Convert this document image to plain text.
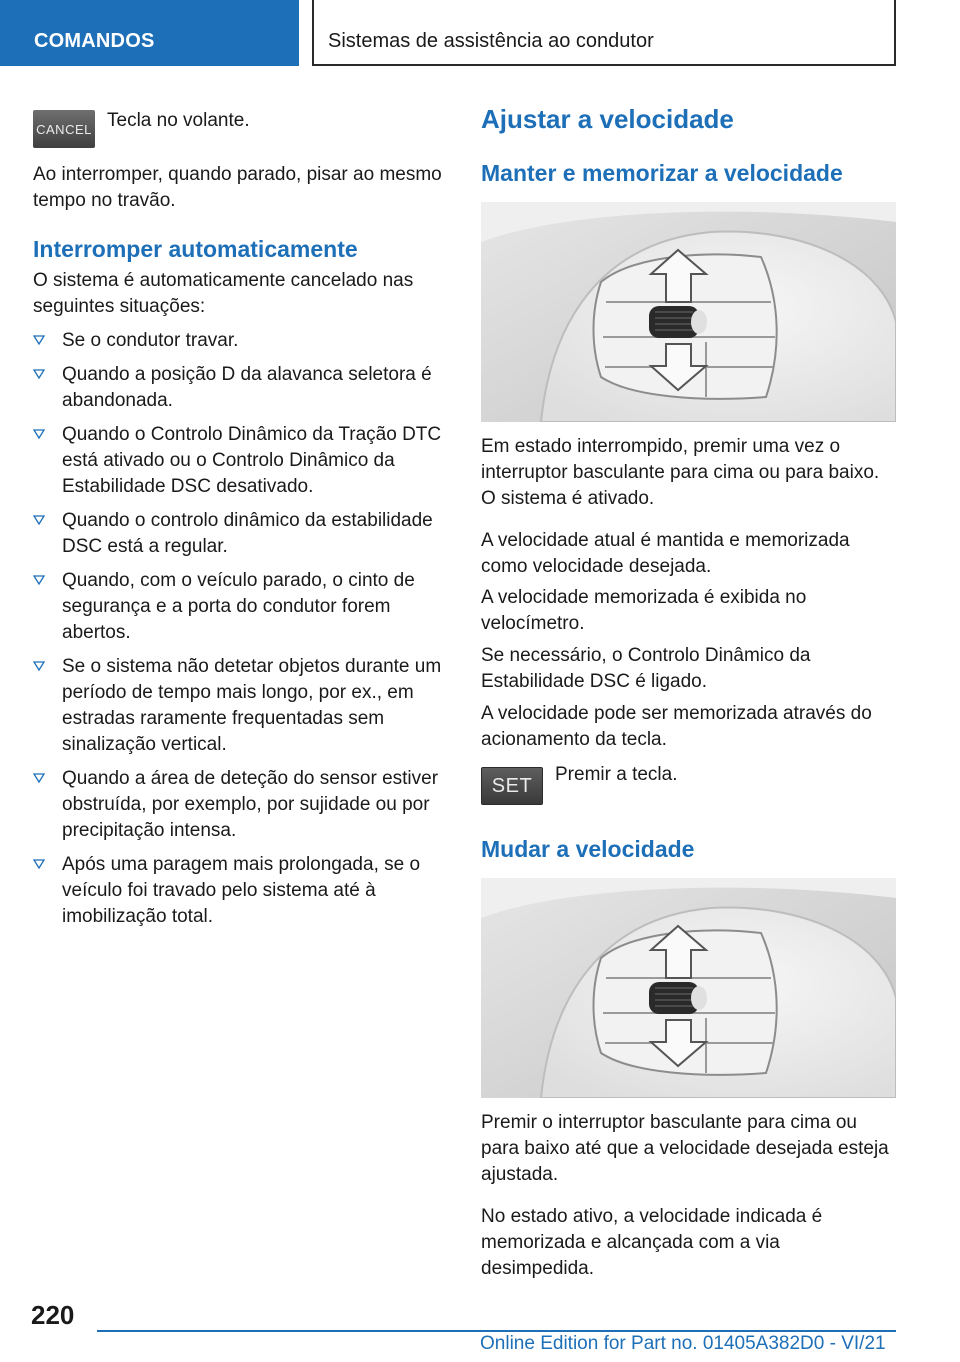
COMANDOS	Sistemas de assistência ao condutor
CANCEL Tecla no volante.

Ao interromper, quando parado, pisar ao mesmo tempo no travão.

Interromper automaticamente

O sistema é automaticamente cancelado nas seguintes situações:

Se o condutor travar.
Quando a posição D da alavanca seletora é abandonada.
Quando o Controlo Dinâmico da Tração DTC está ativado ou o Controlo Dinâmico da Estabilidade DSC desativado.
Quando o controlo dinâmico da estabilidade DSC está a regular.
Quando, com o veículo parado, o cinto de segurança e a porta do condutor forem abertos.
Se o sistema não detetar objetos durante um período de tempo mais longo, por ex., em estradas raramente frequentadas sem sinalização vertical.
Quando a área de deteção do sensor estiver obstruída, por exemplo, por sujidade ou por precipitação intensa.
Após uma paragem mais prolongada, se o veículo foi travado pelo sistema até à imobilização total.
Ajustar a velocidade
Manter e memorizar a velocidade

Em estado interrompido, premir uma vez o interruptor basculante para cima ou para baixo. O sistema é ativado.

A velocidade atual é mantida e memorizada como velocidade desejada.

A velocidade memorizada é exibida no velocímetro.

Se necessário, o Controlo Dinâmico da Estabilidade DSC é ligado.

A velocidade pode ser memorizada através do acionamento da tecla.

SET	Premir a tecla.

Mudar a velocidade

Premir o interruptor basculante para cima ou para baixo até que a velocidade desejada esteja ajustada.

No estado ativo, a velocidade indicada é memorizada e alcançada com a via desimpedida.

220
Online Edition for Part no. 01405A382D0 - VI/21
